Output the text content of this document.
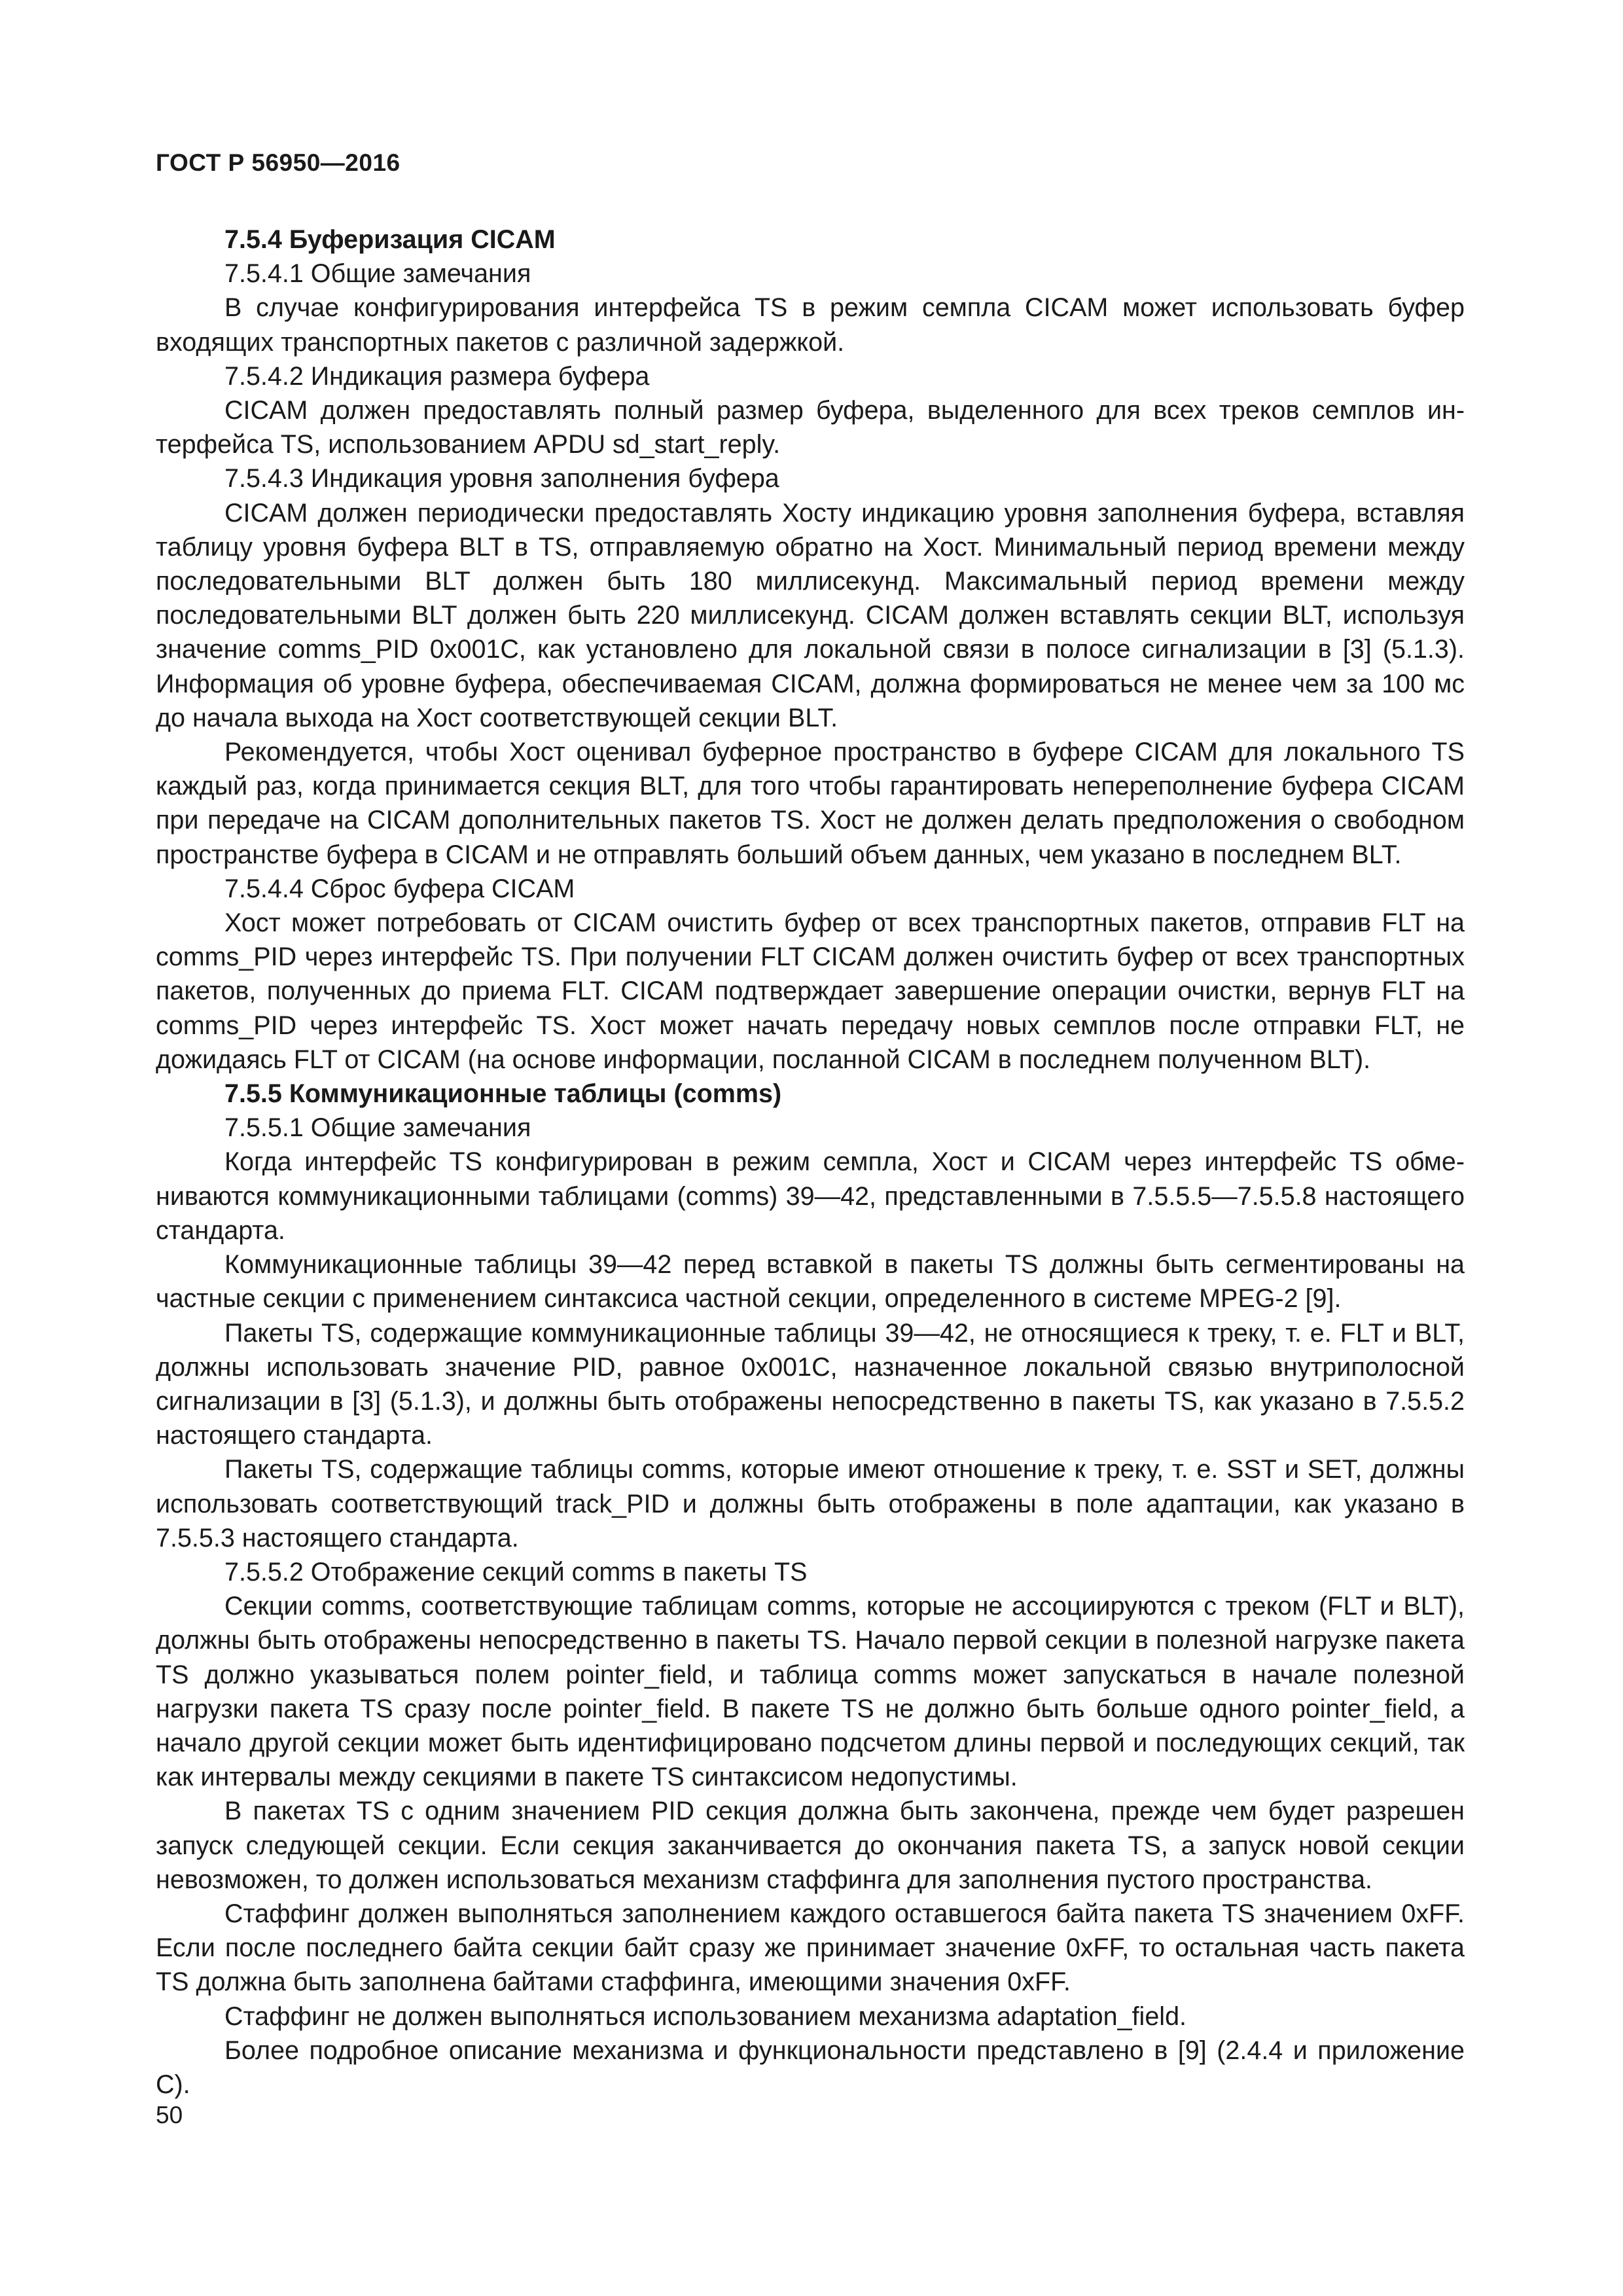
ГОСТ Р 56950—2016

7.5.4 Буферизация CICAM

7.5.4.1 Общие замечания

В случае конфигурирования интерфейса TS в режим семпла CICAM может использовать буфер входящих транспортных пакетов с различной задержкой.

7.5.4.2 Индикация размера буфера

CICAM должен предоставлять полный размер буфера, выделенного для всех треков семплов интерфейса TS, использованием APDU sd_start_reply.

7.5.4.3 Индикация уровня заполнения буфера

CICAM должен периодически предоставлять Хосту индикацию уровня заполнения буфера, вставляя таблицу уровня буфера BLT в TS, отправляемую обратно на Хост. Минимальный период времени между последовательными BLT должен быть 180 миллисекунд. Максимальный период времени между последовательными BLT должен быть 220 миллисекунд. CICAM должен вставлять секции BLT, используя значение comms_PID 0x001C, как установлено для локальной связи в полосе сигнализации в [3] (5.1.3). Информация об уровне буфера, обеспечиваемая CICAM, должна формироваться не менее чем за 100 мс до начала выхода на Хост соответствующей секции BLT.

Рекомендуется, чтобы Хост оценивал буферное пространство в буфере CICAM для локального TS каждый раз, когда принимается секция BLT, для того чтобы гарантировать непереполнение буфера CICAM при передаче на CICAM дополнительных пакетов TS. Хост не должен делать предположения о свободном пространстве буфера в CICAM и не отправлять больший объем данных, чем указано в последнем BLT.

7.5.4.4 Сброс буфера CICAM

Хост может потребовать от CICAM очистить буфер от всех транспортных пакетов, отправив FLT на comms_PID через интерфейс TS. При получении FLT CICAM должен очистить буфер от всех транспортных пакетов, полученных до приема FLT. CICAM подтверждает завершение операции очистки, вернув FLT на comms_PID через интерфейс TS. Хост может начать передачу новых семплов после отправки FLT, не дожидаясь FLT от CICAM (на основе информации, посланной CICAM в последнем полученном BLT).

7.5.5 Коммуникационные таблицы (comms)

7.5.5.1 Общие замечания

Когда интерфейс TS конфигурирован в режим семпла, Хост и CICAM через интерфейс TS обмениваются коммуникационными таблицами (comms) 39—42, представленными в 7.5.5.5—7.5.5.8 настоящего стандарта.

Коммуникационные таблицы 39—42 перед вставкой в пакеты TS должны быть сегментированы на частные секции с применением синтаксиса частной секции, определенного в системе MPEG-2 [9].

Пакеты TS, содержащие коммуникационные таблицы 39—42, не относящиеся к треку, т. е. FLT и BLT, должны использовать значение PID, равное 0x001C, назначенное локальной связью внутриполосной сигнализации в [3] (5.1.3), и должны быть отображены непосредственно в пакеты TS, как указано в 7.5.5.2 настоящего стандарта.

Пакеты TS, содержащие таблицы comms, которые имеют отношение к треку, т. е. SST и SET, должны использовать соответствующий track_PID и должны быть отображены в поле адаптации, как указано в 7.5.5.3 настоящего стандарта.

7.5.5.2 Отображение секций comms в пакеты TS

Секции comms, соответствующие таблицам comms, которые не ассоциируются с треком (FLT и BLT), должны быть отображены непосредственно в пакеты TS. Начало первой секции в полезной нагрузке пакета TS должно указываться полем pointer_field, и таблица comms может запускаться в начале полезной нагрузки пакета TS сразу после pointer_field. В пакете TS не должно быть больше одного pointer_field, а начало другой секции может быть идентифицировано подсчетом длины первой и последующих секций, так как интервалы между секциями в пакете TS синтаксисом недопустимы.

В пакетах TS с одним значением PID секция должна быть закончена, прежде чем будет разрешен запуск следующей секции. Если секция заканчивается до окончания пакета TS, а запуск новой секции невозможен, то должен использоваться механизм стаффинга для заполнения пустого пространства.

Стаффинг должен выполняться заполнением каждого оставшегося байта пакета TS значением 0xFF. Если после последнего байта секции байт сразу же принимает значение 0xFF, то остальная часть пакета TS должна быть заполнена байтами стаффинга, имеющими значения 0xFF.

Стаффинг не должен выполняться использованием механизма adaptation_field.

Более подробное описание механизма и функциональности представлено в [9] (2.4.4 и приложение С).

50
